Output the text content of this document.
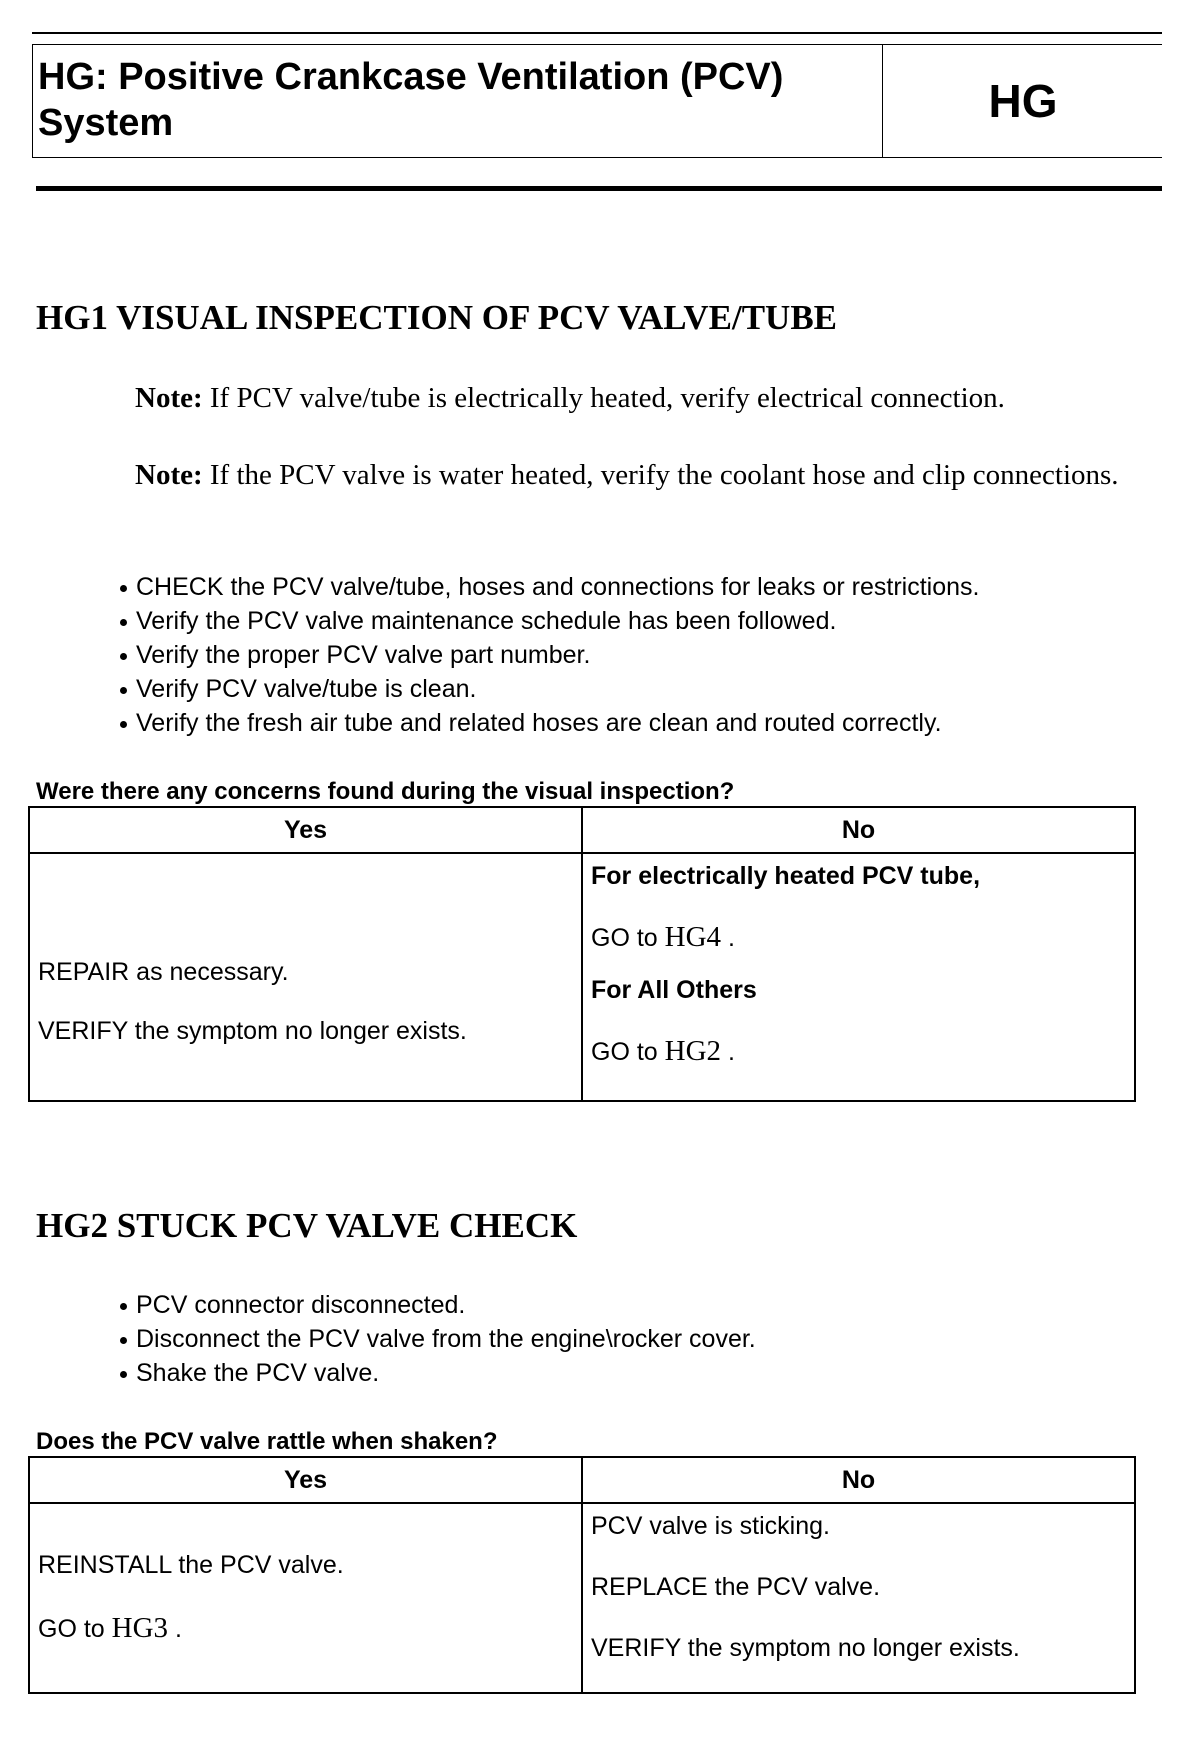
HG: Positive Crankcase Ventilation (PCV)
System	HG
HG1 VISUAL INSPECTION OF PCV VALVE/TUBE
Note: If PCV valve/tube is electrically heated, verify electrical connection.
Note: If the PCV valve is water heated, verify the coolant hose and clip connections.
CHECK the PCV valve/tube, hoses and connections for leaks or restrictions.
Verify the PCV valve maintenance schedule has been followed.
Verify the proper PCV valve part number.
Verify PCV valve/tube is clean.
Verify the fresh air tube and related hoses are clean and routed correctly.
Were there any concerns found during the visual inspection?
Yes	No

REPAIR as necessary.
VERIFY the symptom no longer exists.	For electrically heated PCV tube,
GO to HG4 .
For All Others
GO to HG2 .
HG2 STUCK PCV VALVE CHECK
PCV connector disconnected.
Disconnect the PCV valve from the engine\rocker cover.
Shake the PCV valve.
Does the PCV valve rattle when shaken?
Yes	No

REINSTALL the PCV valve.
GO to HG3 .	PCV valve is sticking.
REPLACE the PCV valve.
VERIFY the symptom no longer exists.
